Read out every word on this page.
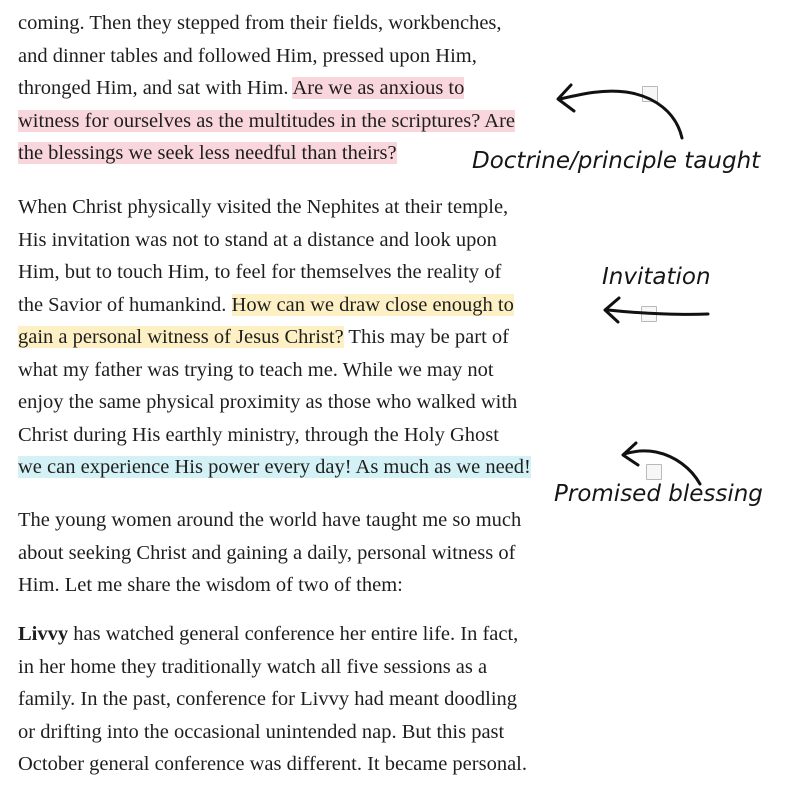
coming. Then they stepped from their fields, workbenches,
and dinner tables and followed Him, pressed upon Him,
thronged Him, and sat with Him. Are we as anxious to
witness for ourselves as the multitudes in the scriptures? Are
the blessings we seek less needful than theirs?

When Christ physically visited the Nephites at their temple,
His invitation was not to stand at a distance and look upon
Him, but to touch Him, to feel for themselves the reality of
the Savior of humankind. How can we draw close enough to
gain a personal witness of Jesus Christ? This may be part of
what my father was trying to teach me. While we may not
enjoy the same physical proximity as those who walked with
Christ during His earthly ministry, through the Holy Ghost
we can experience His power every day! As much as we need!

The young women around the world have taught me so much
about seeking Christ and gaining a daily, personal witness of
Him. Let me share the wisdom of two of them:

Livvy has watched general conference her entire life. In fact,
in her home they traditionally watch all five sessions as a
family. In the past, conference for Livvy had meant doodling
or drifting into the occasional unintended nap. But this past
October general conference was different. It became personal.

Doctrine/principle taught
Invitation
Promised blessing
